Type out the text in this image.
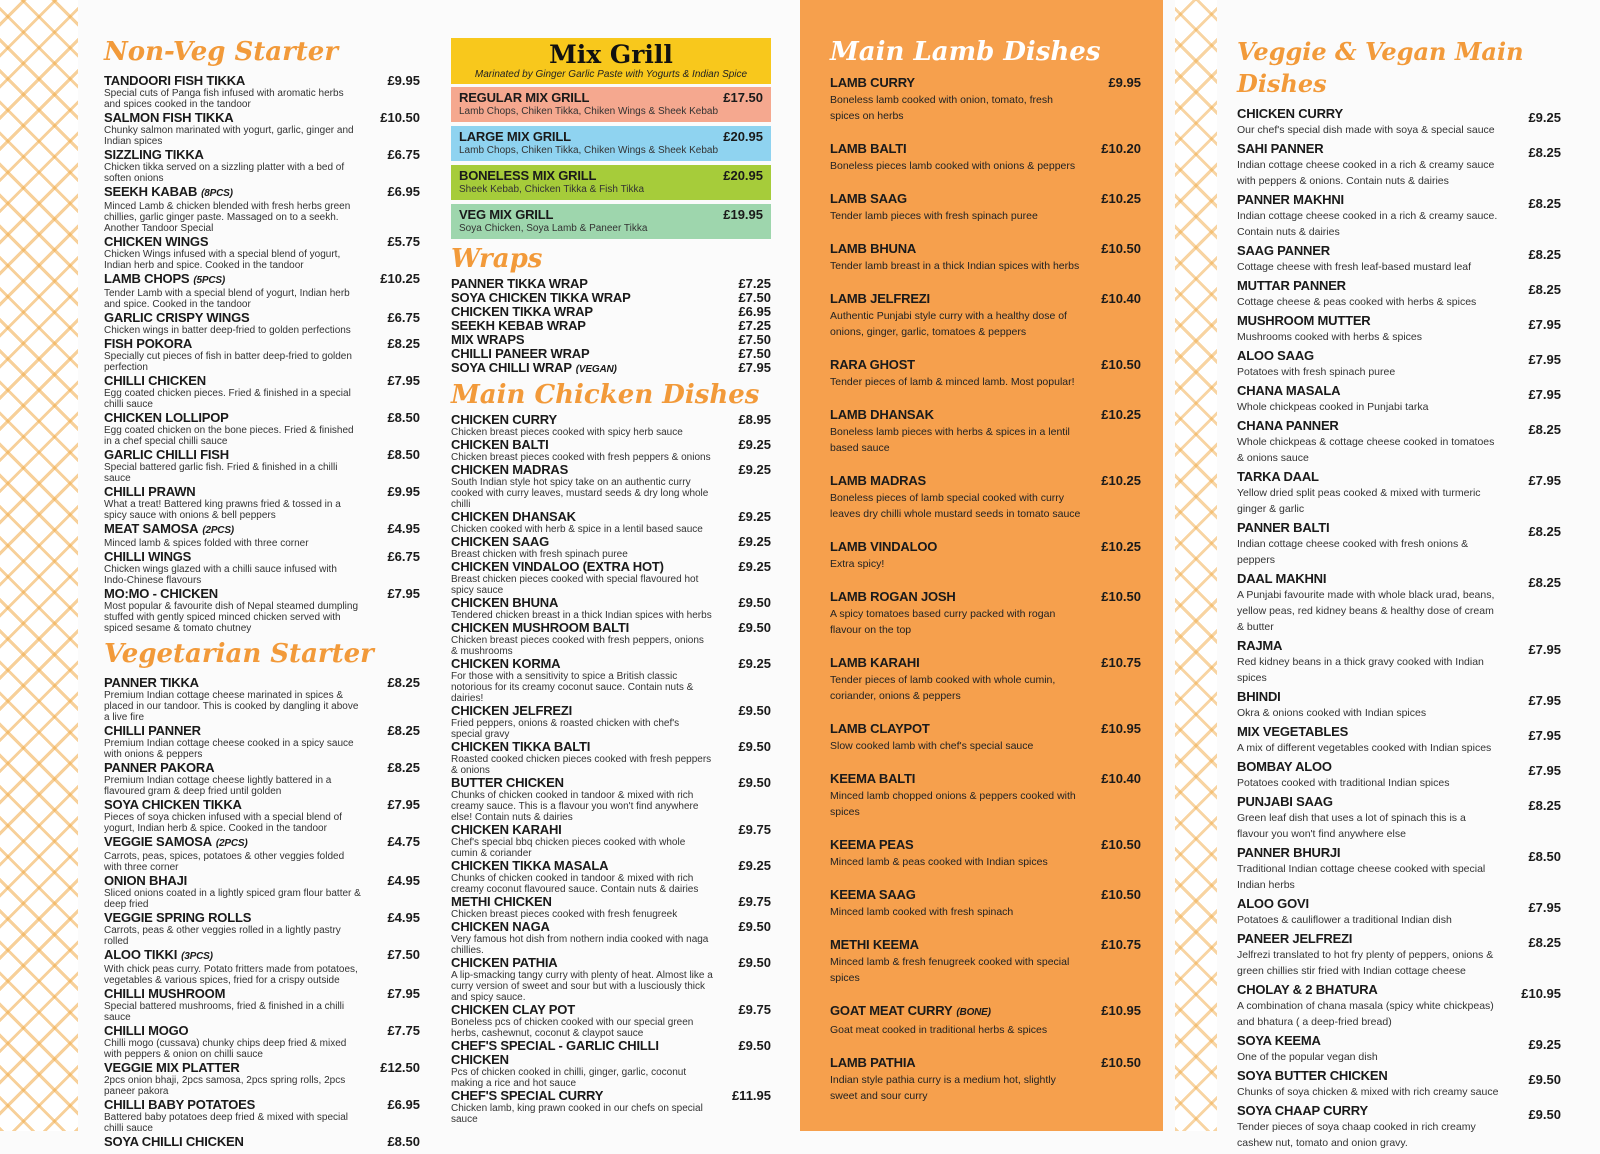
Non-Veg Starter
TANDOORI FISH TIKKA	£9.95
Special cuts of Panga fish infused with aromatic herbs and spices cooked in the tandoor
SALMON FISH TIKKA	£10.50
Chunky salmon marinated with yogurt, garlic, ginger and Indian spices
SIZZLING TIKKA	£6.75
Chicken tikka served on a sizzling platter with a bed of soften onions
SEEKH KABAB (8PCS)	£6.95
Minced Lamb & chicken blended with fresh herbs green chillies, garlic ginger paste. Massaged on to a seekh. Another Tandoor Special
CHICKEN WINGS	£5.75
Chicken Wings infused with a special blend of yogurt, Indian herb and spice. Cooked in the tandoor
LAMB CHOPS (5PCS)	£10.25
Tender Lamb with a special blend of yogurt, Indian herb and spice. Cooked in the tandoor
GARLIC CRISPY WINGS	£6.75
Chicken wings in batter deep-fried to golden perfections
FISH POKORA	£8.25
Specially cut pieces of fish in batter deep-fried to golden perfection
CHILLI CHICKEN	£7.95
Egg coated chicken pieces. Fried & finished in a special chilli sauce
CHICKEN LOLLIPOP	£8.50
Egg coated chicken on the bone pieces. Fried & finished in a chef special chilli sauce
GARLIC CHILLI FISH	£8.50
Special battered garlic fish. Fried & finished in a chilli sauce
CHILLI PRAWN	£9.95
What a treat! Battered king prawns fried & tossed in a spicy sauce with onions & bell peppers
MEAT SAMOSA (2PCS)	£4.95
Minced lamb & spices folded with three corner
CHILLI WINGS	£6.75
Chicken wings glazed with a chilli sauce infused with Indo-Chinese flavours
MO:MO - CHICKEN	£7.95
Most popular & favourite dish of Nepal steamed dumpling stuffed with gently spiced minced chicken served with spiced sesame & tomato chutney
Vegetarian Starter
PANNER TIKKA	£8.25
Premium Indian cottage cheese marinated in spices & placed in our tandoor. This is cooked by dangling it above a live fire
CHILLI PANNER	£8.25
Premium Indian cottage cheese cooked in a spicy sauce with onions & peppers
PANNER PAKORA	£8.25
Premium Indian cottage cheese lightly battered in a flavoured gram & deep fried until golden
SOYA CHICKEN TIKKA	£7.95
Pieces of soya chicken infused with a special blend of yogurt, Indian herb & spice. Cooked in the tandoor
VEGGIE SAMOSA (2PCS)	£4.75
Carrots, peas, spices, potatoes & other veggies folded with three corner
ONION BHAJI	£4.95
Sliced onions coated in a lightly spiced gram flour batter & deep fried
VEGGIE SPRING ROLLS	£4.95
Carrots, peas & other veggies rolled in a lightly pastry rolled
ALOO TIKKI (3PCS)	£7.50
With chick peas curry. Potato fritters made from potatoes, vegetables & various spices, fried for a crispy outside
CHILLI MUSHROOM	£7.95
Special battered mushrooms, fried & finished in a chilli sauce
CHILLI MOGO	£7.75
Chilli mogo (cussava) chunky chips deep fried & mixed with peppers & onion on chilli sauce
VEGGIE MIX PLATTER	£12.50
2pcs onion bhaji, 2pcs samosa, 2pcs spring rolls, 2pcs paneer pakora
CHILLI BABY POTATOES	£6.95
Battered baby potatoes deep fried & mixed with special chilli sauce
SOYA CHILLI CHICKEN	£8.50
Mix Grill
Marinated by Ginger Garlic Paste with Yogurts & Indian Spice
REGULAR MIX GRILL	£17.50
Lamb Chops, Chiken Tikka, Chiken Wings & Sheek Kebab
LARGE MIX GRILL	£20.95
Lamb Chops, Chiken Tikka, Chiken Wings & Sheek Kebab
BONELESS MIX GRILL	£20.95
Sheek Kebab, Chicken Tikka & Fish Tikka
VEG MIX GRILL	£19.95
Soya Chicken, Soya Lamb & Paneer Tikka
Wraps
PANNER TIKKA WRAP	£7.25
SOYA CHICKEN TIKKA WRAP	£7.50
CHICKEN TIKKA WRAP	£6.95
SEEKH KEBAB WRAP	£7.25
MIX WRAPS	£7.50
CHILLI PANEER WRAP	£7.50
SOYA CHILLI WRAP (VEGAN)	£7.95
Main Chicken Dishes
CHICKEN CURRY	£8.95
Chicken breast pieces cooked with spicy herb sauce
CHICKEN BALTI	£9.25
Chicken breast pieces cooked with fresh peppers & onions
CHICKEN MADRAS	£9.25
South Indian style hot spicy take on an authentic curry cooked with curry leaves, mustard seeds & dry long whole chilli
CHICKEN DHANSAK	£9.25
Chicken cooked with herb & spice in a lentil based sauce
CHICKEN SAAG	£9.25
Breast chicken with fresh spinach puree
CHICKEN VINDALOO (EXTRA HOT)	£9.25
Breast chicken pieces cooked with special flavoured hot spicy sauce
CHICKEN BHUNA	£9.50
Tendered chicken breast in a thick Indian spices with herbs
CHICKEN MUSHROOM BALTI	£9.50
Chicken breast pieces cooked with fresh peppers, onions & mushrooms
CHICKEN KORMA	£9.25
For those with a sensitivity to spice a British classic notorious for its creamy coconut sauce. Contain nuts & dairies!
CHICKEN JELFREZI	£9.50
Fried peppers, onions & roasted chicken with chef's special gravy
CHICKEN TIKKA BALTI	£9.50
Roasted cooked chicken pieces cooked with fresh peppers & onions
BUTTER CHICKEN	£9.50
Chunks of chicken cooked in tandoor & mixed with rich creamy sauce. This is a flavour you won't find anywhere else! Contain nuts & dairies
CHICKEN KARAHI	£9.75
Chef's special bbq chicken pieces cooked with whole cumin & coriander
CHICKEN TIKKA MASALA	£9.25
Chunks of chicken cooked in tandoor & mixed with rich creamy coconut flavoured sauce. Contain nuts & dairies
METHI CHICKEN	£9.75
Chicken breast pieces cooked with fresh fenugreek
CHICKEN NAGA	£9.50
Very famous hot dish from nothern india cooked with naga chillies.
CHICKEN PATHIA	£9.50
A lip-smacking tangy curry with plenty of heat. Almost like a curry version of sweet and sour but with a lusciously thick and spicy sauce.
CHICKEN CLAY POT	£9.75
Boneless pcs of chicken cooked with our special green herbs, cashewnut, coconut & claypot sauce
CHEF'S SPECIAL - GARLIC CHILLI CHICKEN
£9.50
Pcs of chicken cooked in chilli, ginger, garlic, coconut making a rice and hot sauce
CHEF'S SPECIAL CURRY	£11.95
Chicken lamb, king prawn cooked in our chefs on special sauce
Main Lamb Dishes
LAMB CURRY	£9.95
Boneless lamb cooked with onion, tomato, fresh spices on herbs
LAMB BALTI	£10.20
Boneless pieces lamb cooked with onions & peppers
LAMB SAAG	£10.25
Tender lamb pieces with fresh spinach puree
LAMB BHUNA	£10.50
Tender lamb breast in a thick Indian spices with herbs
LAMB JELFREZI	£10.40
Authentic Punjabi style curry with a healthy dose of onions, ginger, garlic, tomatoes & peppers
RARA GHOST	£10.50
Tender pieces of lamb & minced lamb. Most popular!
LAMB DHANSAK	£10.25
Boneless lamb pieces with herbs & spices in a lentil based sauce
LAMB MADRAS	£10.25
Boneless pieces of lamb special cooked with curry leaves dry chilli whole mustard seeds in tomato sauce
LAMB VINDALOO	£10.25
Extra spicy!
LAMB ROGAN JOSH	£10.50
A spicy tomatoes based curry packed with rogan flavour on the top
LAMB KARAHI	£10.75
Tender pieces of lamb cooked with whole cumin, coriander, onions & peppers
LAMB CLAYPOT	£10.95
Slow cooked lamb with chef's special sauce
KEEMA BALTI	£10.40
Minced lamb chopped onions & peppers cooked with spices
KEEMA PEAS	£10.50
Minced lamb & peas cooked with Indian spices
KEEMA SAAG	£10.50
Minced lamb cooked with fresh spinach
METHI KEEMA	£10.75
Minced lamb & fresh fenugreek cooked with special spices
GOAT MEAT CURRY (BONE)	£10.95
Goat meat cooked in traditional herbs & spices
LAMB PATHIA	£10.50
Indian style pathia curry is a medium hot, slightly sweet and sour curry
Veggie & Vegan Main Dishes
CHICKEN CURRY	£9.25
Our chef's special dish made with soya & special sauce
SAHI PANNER	£8.25
Indian cottage cheese cooked in a rich & creamy sauce with peppers & onions. Contain nuts & dairies
PANNER MAKHNI	£8.25
Indian cottage cheese cooked in a rich & creamy sauce. Contain nuts & dairies
SAAG PANNER	£8.25
Cottage cheese with fresh leaf-based mustard leaf
MUTTAR PANNER	£8.25
Cottage cheese & peas cooked with herbs & spices
MUSHROOM MUTTER	£7.95
Mushrooms cooked with herbs & spices
ALOO SAAG	£7.95
Potatoes with fresh spinach puree
CHANA MASALA	£7.95
Whole chickpeas cooked in Punjabi tarka
CHANA PANNER	£8.25
Whole chickpeas & cottage cheese cooked in tomatoes & onions sauce
TARKA DAAL	£7.95
Yellow dried split peas cooked & mixed with turmeric ginger & garlic
PANNER BALTI	£8.25
Indian cottage cheese cooked with fresh onions & peppers
DAAL MAKHNI	£8.25
A Punjabi favourite made with whole black urad, beans, yellow peas, red kidney beans & healthy dose of cream & butter
RAJMA	£7.95
Red kidney beans in a thick gravy cooked with Indian spices
BHINDI	£7.95
Okra & onions cooked with Indian spices
MIX VEGETABLES	£7.95
A mix of different vegetables cooked with Indian spices
BOMBAY ALOO	£7.95
Potatoes cooked with traditional Indian spices
PUNJABI SAAG	£8.25
Green leaf dish that uses a lot of spinach this is a flavour you won't find anywhere else
PANNER BHURJI	£8.50
Traditional Indian cottage cheese cooked with special Indian herbs
ALOO GOVI	£7.95
Potatoes & cauliflower a traditional Indian dish
PANEER JELFREZI	£8.25
Jelfrezi translated to hot fry plenty of peppers, onions & green chillies stir fried with Indian cottage cheese
CHOLAY & 2 BHATURA	£10.95
A combination of chana masala (spicy white chickpeas) and bhatura ( a deep-fried bread)
SOYA KEEMA	£9.25
One of the popular vegan dish
SOYA BUTTER CHICKEN	£9.50
Chunks of soya chicken & mixed with rich creamy sauce
SOYA CHAAP CURRY	£9.50
Tender pieces of soya chaap cooked in rich creamy cashew nut, tomato and onion gravy.
